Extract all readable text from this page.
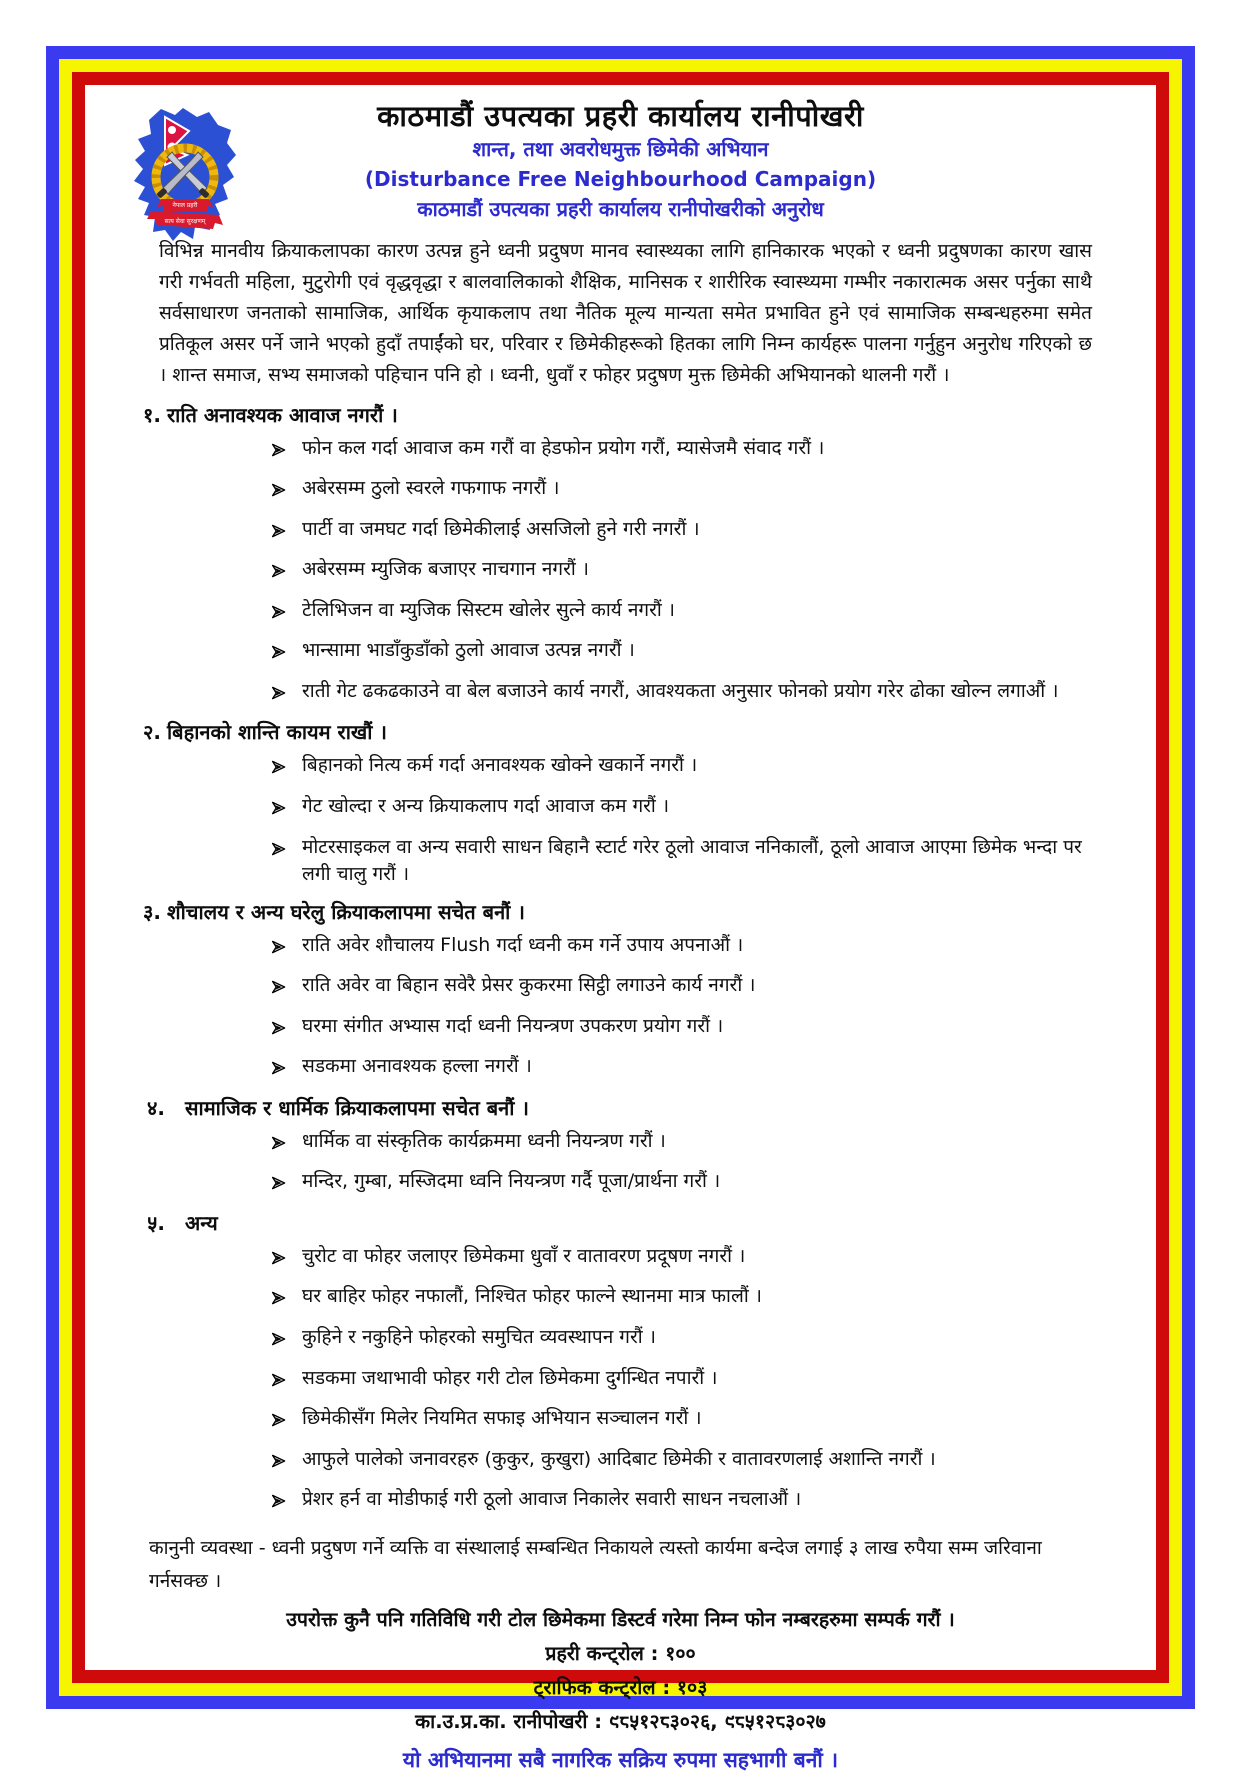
नेपाल प्रहरी
सत्य सेवा सुरक्षणम्
काठमाडौं उपत्यका प्रहरी कार्यालय रानीपोखरी
शान्त, तथा अवरोधमुक्त छिमेकी अभियान
(Disturbance Free Neighbourhood Campaign)
काठमाडौं उपत्यका प्रहरी कार्यालय रानीपोखरीको अनुरोध

विभिन्न मानवीय क्रियाकलापका कारण उत्पन्न हुने ध्वनी प्रदुषण मानव स्वास्थ्यका लागि हानिकारक भएको र ध्वनी प्रदुषणका कारण खास गरी गर्भवती महिला, मुटुरोगी एवं वृद्धवृद्धा र बालवालिकाको शैक्षिक, मानिसक र शारीरिक स्वास्थ्यमा गम्भीर नकारात्मक असर पर्नुका साथै सर्वसाधारण जनताको सामाजिक, आर्थिक कृयाकलाप तथा नैतिक मूल्य मान्यता समेत प्रभावित हुने एवं सामाजिक सम्बन्धहरुमा समेत प्रतिकूल असर पर्ने जाने भएको हुदाँ तपाईंको घर, परिवार र छिमेकीहरूको हितका लागि निम्न कार्यहरू पालना गर्नुहुन अनुरोध गरिएको छ । शान्त समाज, सभ्य समाजको पहिचान पनि हो । ध्वनी, धुवाँ र फोहर प्रदुषण मुक्त छिमेकी अभियानको थालनी गरौं ।

१. राति अनावश्यक आवाज नगरौं ।
फोन कल गर्दा आवाज कम गरौं वा हेडफोन प्रयोग गरौं, म्यासेजमै संवाद गरौं ।
अबेरसम्म ठुलो स्वरले गफगाफ नगरौं ।
पार्टी वा जमघट गर्दा छिमेकीलाई असजिलो हुने गरी नगरौं ।
अबेरसम्म म्युजिक बजाएर नाचगान नगरौं ।
टेलिभिजन वा म्युजिक सिस्टम खोलेर सुत्ने कार्य नगरौं ।
भान्सामा भाडाँकुडाँको ठुलो आवाज उत्पन्न नगरौं ।
राती गेट ढकढकाउने वा बेल बजाउने कार्य नगरौं, आवश्यकता अनुसार फोनको प्रयोग गरेर ढोका खोल्न लगाऔं ।
२. बिहानको शान्ति कायम राखौं ।
बिहानको नित्य कर्म गर्दा अनावश्यक खोक्ने खकार्ने नगरौं ।
गेट खोल्दा र अन्य क्रियाकलाप गर्दा आवाज कम गरौं ।
मोटरसाइकल वा अन्य सवारी साधन बिहानै स्टार्ट गरेर ठूलो आवाज ननिकालौं, ठूलो आवाज आएमा छिमेक भन्दा पर लगी चालु गरौं ।
३. शौचालय र अन्य घरेलु क्रियाकलापमा सचेत बनौं ।
राति अवेर शौचालय Flush गर्दा ध्वनी कम गर्ने उपाय अपनाऔं ।
राति अवेर वा बिहान सवेरै प्रेसर कुकरमा सिट्ठी लगाउने कार्य नगरौं ।
घरमा संगीत अभ्यास गर्दा ध्वनी नियन्त्रण उपकरण प्रयोग गरौं ।
सडकमा अनावश्यक हल्ला नगरौं ।
४. सामाजिक र धार्मिक क्रियाकलापमा सचेत बनौं ।
धार्मिक वा संस्कृतिक कार्यक्रममा ध्वनी नियन्त्रण गरौं ।
मन्दिर, गुम्बा, मस्जिदमा ध्वनि नियन्त्रण गर्दै पूजा/प्रार्थना गरौं ।
५. अन्य
चुरोट वा फोहर जलाएर छिमेकमा धुवाँ र वातावरण प्रदूषण नगरौं ।
घर बाहिर फोहर नफालौं, निश्चित फोहर फाल्ने स्थानमा मात्र फालौं ।
कुहिने र नकुहिने फोहरको समुचित व्यवस्थापन गरौं ।
सडकमा जथाभावी फोहर गरी टोल छिमेकमा दुर्गन्धित नपारौं ।
छिमेकीसँग मिलेर नियमित सफाइ अभियान सञ्चालन गरौं ।
आफुले पालेको जनावरहरु (कुकुर, कुखुरा) आदिबाट छिमेकी र वातावरणलाई अशान्ति नगरौं ।
प्रेशर हर्न वा मोडीफाई गरी ठूलो आवाज निकालेर सवारी साधन नचलाऔं ।

कानुनी व्यवस्था - ध्वनी प्रदुषण गर्ने व्यक्ति वा संस्थालाई सम्बन्धित निकायले त्यस्तो कार्यमा बन्देज लगाई ३ लाख रुपैया सम्म जरिवाना गर्नसक्छ ।

उपरोक्त कुनै पनि गतिविधि गरी टोल छिमेकमा डिस्टर्व गरेमा निम्न फोन नम्बरहरुमा सम्पर्क गरौं ।

प्रहरी कन्ट्रोल : १००

ट्राफिक कन्ट्रोल : १०३

का.उ.प्र.का. रानीपोखरी : ९८५१२८३०२६, ९८५१२८३०२७

यो अभियानमा सबै नागरिक सक्रिय रुपमा सहभागी बनौं ।
